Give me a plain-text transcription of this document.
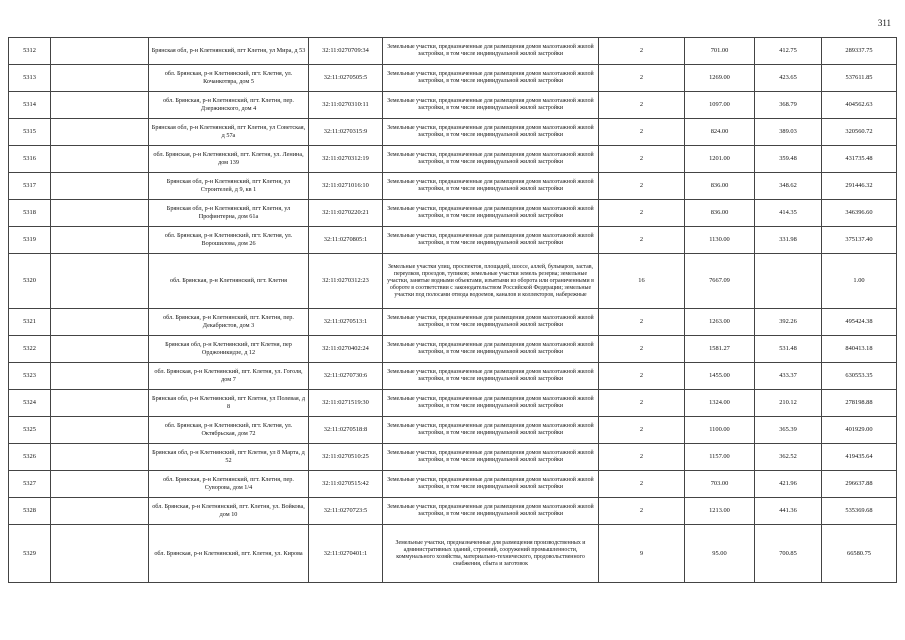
311
5312		Брянская обл, р-н Клетнянский, пгт Клетня, ул Мира, д 53	32:11:0270709:34	Земельные участки, предназначенные для размещения домов малоэтажной жилой застройки, в том числе индивидуальной жилой застройки	2	701.00	412.75	289337.75
5313		обл. Брянская, р-н Клетнянский, пгт. Клетня, ул. Кочанкотвра, дом 5	32:11:0270505:5	Земельные участки, предназначенные для размещения домов малоэтажной жилой застройки, в том числе индивидуальной жилой застройки	2	1269.00	423.65	537611.85
5314		обл. Брянская, р-н Клетнянский, пгт. Клетня, пер. Дзержинского, дом 4	32:11:0270310:11	Земельные участки, предназначенные для размещения домов малоэтажной жилой застройки, в том числе индивидуальной жилой застройки	2	1097.00	368.79	404562.63
5315		Брянская обл, р-н Клетнянский, пгт Клетня, ул Советская, д 57а	32:11:0270315:9	Земельные участки, предназначенные для размещения домов малоэтажной жилой застройки, в том числе индивидуальной жилой застройки	2	824.00	389.03	320560.72
5316		обл. Брянская, р-н Клетнянский, пгт. Клетня, ул. Ленина, дом 139	32:11:0270312:19	Земельные участки, предназначенные для размещения домов малоэтажной жилой застройки, в том числе индивидуальной жилой застройки	2	1201.00	359.48	431735.48
5317		Брянская обл, р-н Клетнянский, пгт Клетня, ул Строителей, д 9, кв 1	32:11:0271016:10	Земельные участки, предназначенные для размещения домов малоэтажной жилой застройки, в том числе индивидуальной жилой застройки	2	836.00	348.62	291446.32
5318		Брянская обл, р-н Клетнянский, пгт Клетня, ул Профинтерна, дом 61а	32:11:0270220:21	Земельные участки, предназначенные для размещения домов малоэтажной жилой застройки, в том числе индивидуальной жилой застройки	2	836.00	414.35	346396.60
5319		обл. Брянская, р-н Клетнянский, пгт. Клетня, ул. Ворошилова, дом 26	32:11:0270805:1	Земельные участки, предназначенные для размещения домов малоэтажной жилой застройки, в том числе индивидуальной жилой застройки	2	1130.00	331.98	375137.40
5320		обл. Брянская, р-н Клетнянский, пгт. Клетня	32:11:0270312:23	Земельные участки улиц, проспектов, площадей, шоссе, аллей, бульваров, застав, переулков, проездов, тупиков; земельные участки земель резерва; земельные участки, занятые водными объектами, изъятыми из оборота или ограниченными в обороте в соответствии с законодательством Российской Федерации; земельные участки под полосами отвода водоемов, каналов и коллекторов, набережные	16	7667.09		1.00
5321		обл. Брянская, р-н Клетнянский, пгт. Клетня, пер. Декабристов, дом 3	32:11:0270513:1	Земельные участки, предназначенные для размещения домов малоэтажной жилой застройки, в том числе индивидуальной жилой застройки	2	1263.00	392.26	495424.38
5322		Брянская обл, р-н Клетнянский, пгт Клетня, пер Орджоникидзе, д 12	32:11:0270402:24	Земельные участки, предназначенные для размещения домов малоэтажной жилой застройки, в том числе индивидуальной жилой застройки	2	1581.27	531.48	840413.18
5323		обл. Брянская, р-н Клетнянский, пгт. Клетня, ул. Гоголя, дом 7	32:11:0270730:6	Земельные участки, предназначенные для размещения домов малоэтажной жилой застройки, в том числе индивидуальной жилой застройки	2	1455.00	433.37	630553.35
5324		Брянская обл, р-н Клетнянский, пгт Клетня, ул Полевая, д 8	32:11:0271519:30	Земельные участки, предназначенные для размещения домов малоэтажной жилой застройки, в том числе индивидуальной жилой застройки	2	1324.00	210.12	278198.88
5325		обл. Брянская, р-н Клетнянский, пгт. Клетня, ул. Октябрьская, дом 72	32:11:0270518:8	Земельные участки, предназначенные для размещения домов малоэтажной жилой застройки, в том числе индивидуальной жилой застройки	2	1100.00	365.39	401929.00
5326		Брянская обл, р-н Клетнянский, пгт Клетня, ул 8 Марта, д 52	32:11:0270510:25	Земельные участки, предназначенные для размещения домов малоэтажной жилой застройки, в том числе индивидуальной жилой застройки	2	1157.00	362.52	419435.64
5327		обл. Брянская, р-н Клетнянский, пгт. Клетня, пер. Суворова, дом 1/4	32:11:0270515:42	Земельные участки, предназначенные для размещения домов малоэтажной жилой застройки, в том числе индивидуальной жилой застройки	2	703.00	421.96	296637.88
5328		обл. Брянская, р-н Клетнянский, пгт. Клетня, ул. Войкова, дом 10	32:11:0270723:5	Земельные участки, предназначенные для размещения домов малоэтажной жилой застройки, в том числе индивидуальной жилой застройки	2	1213.00	441.36	535369.68
5329		обл. Брянская, р-н Клетнянский, пгт. Клетня, ул. Кирова	32:11:0270401:1	Земельные участки, предназначенные для размещения производственных и административных зданий, строений, сооружений промышленности, коммунального хозяйства, материально-технического, продовольственного снабжения, сбыта и заготовок	9	95.00	700.85	66580.75
